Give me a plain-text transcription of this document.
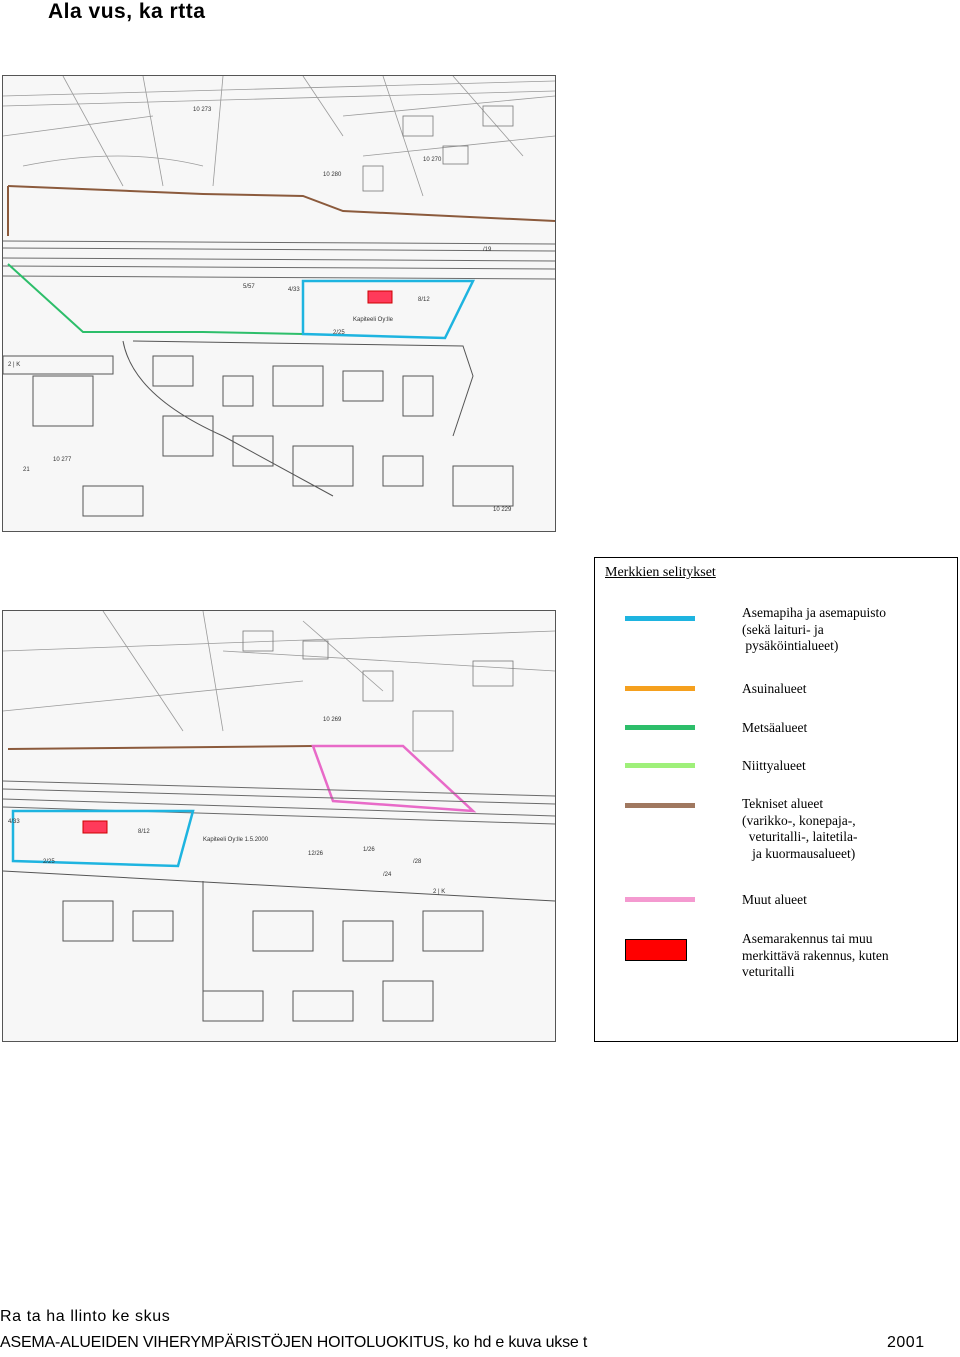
Ala vus, ka rtta
10 273
10 280
10 270
5/57	4/33
8/12
2/25
/19
2 | K
10 277
21
10 229
Kapiteeli Oy:lle
10 269
4/33
8/12
2/25
12/26
/28
2 | K
/24
1/26
Kapiteeli Oy:lle 1.5.2000
Merkkien selitykset
Asemapiha ja asemapuisto
(sekä laituri- ja
pysäköintialueet)
Asuinalueet
Metsäalueet
Niittyalueet
Tekniset alueet
(varikko-, konepaja-,
veturitalli-, laitetila-
ja kuormausalueet)
Muut alueet
Asemarakennus tai muu
merkittävä rakennus, kuten
veturitalli
Ra ta ha llinto ke skus
ASEMA-ALUEIDEN VIHERYMPÄRISTÖJEN HOITOLUOKITUS, ko hd e kuva ukse t	2001
